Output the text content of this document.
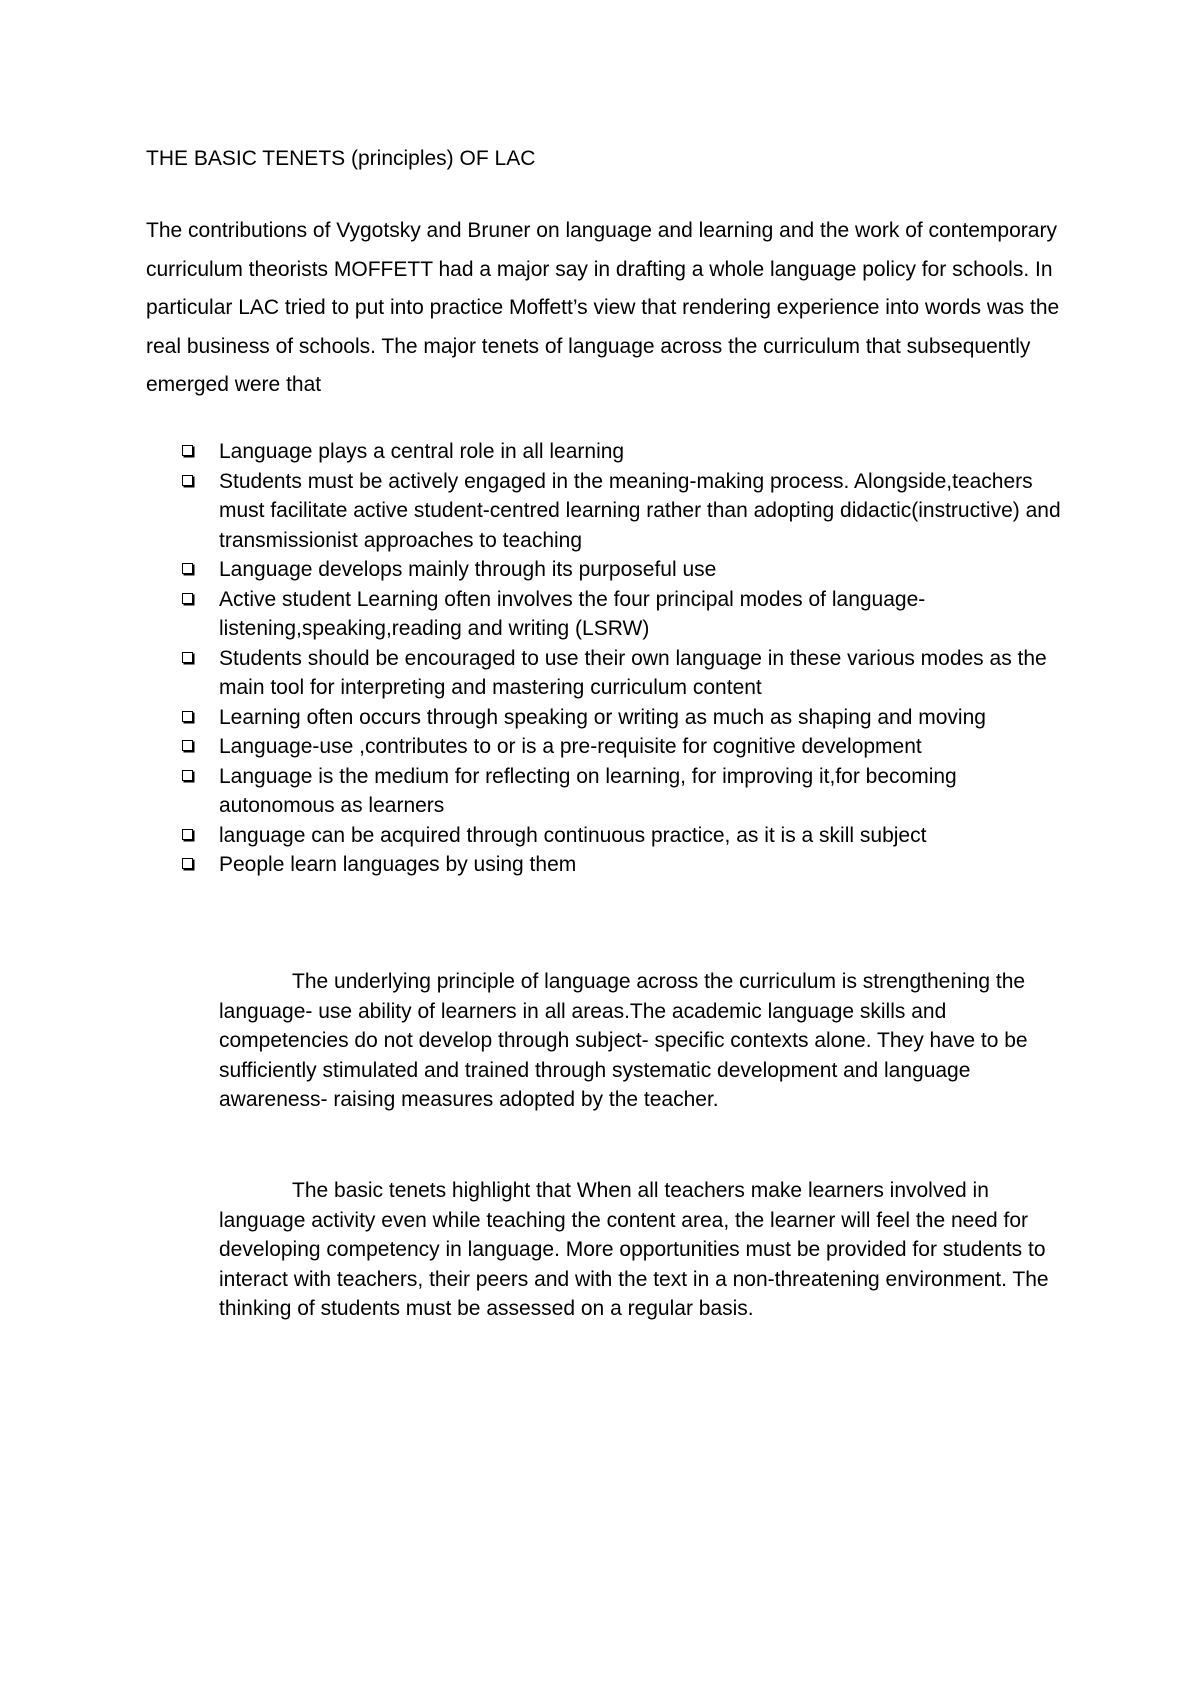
THE BASIC TENETS (principles) OF LAC

The contributions of Vygotsky and Bruner on language and learning and the work of contemporary curriculum theorists MOFFETT had a major say in drafting a whole language policy for schools. In particular LAC tried to put into practice Moffett’s view that rendering experience into words was the real business of schools. The major tenets of language across the curriculum that subsequently emerged were that

Language plays a central role in all learning
Students must be actively engaged in the meaning-making process. Alongside,teachers must facilitate active student-centred learning rather than adopting didactic(instructive) and transmissionist approaches to teaching
Language develops mainly through its purposeful use
Active student Learning often involves the four principal modes of language-listening,speaking,reading and writing (LSRW)
Students should be encouraged to use their own language in these various modes as the main tool for interpreting and mastering curriculum content
Learning often occurs through speaking or writing as much as shaping and moving
Language-use ,contributes to or is a pre-requisite for cognitive development
Language is the medium for reflecting on learning, for improving it,for becoming autonomous as learners
language can be acquired through continuous practice, as it is a skill subject
People learn languages by using them

The underlying principle of language across the curriculum is strengthening the language- use ability of learners in all areas.The academic language skills and competencies do not develop through subject- specific contexts alone. They have to be sufficiently stimulated and trained through systematic development and language awareness- raising measures adopted by the teacher.

The basic tenets highlight that When all teachers make learners involved in language activity even while teaching the content area, the learner will feel the need for developing competency in language. More opportunities must be provided for students to interact with teachers, their peers and with the text in a non-threatening environment. The thinking of students must be assessed on a regular basis.
